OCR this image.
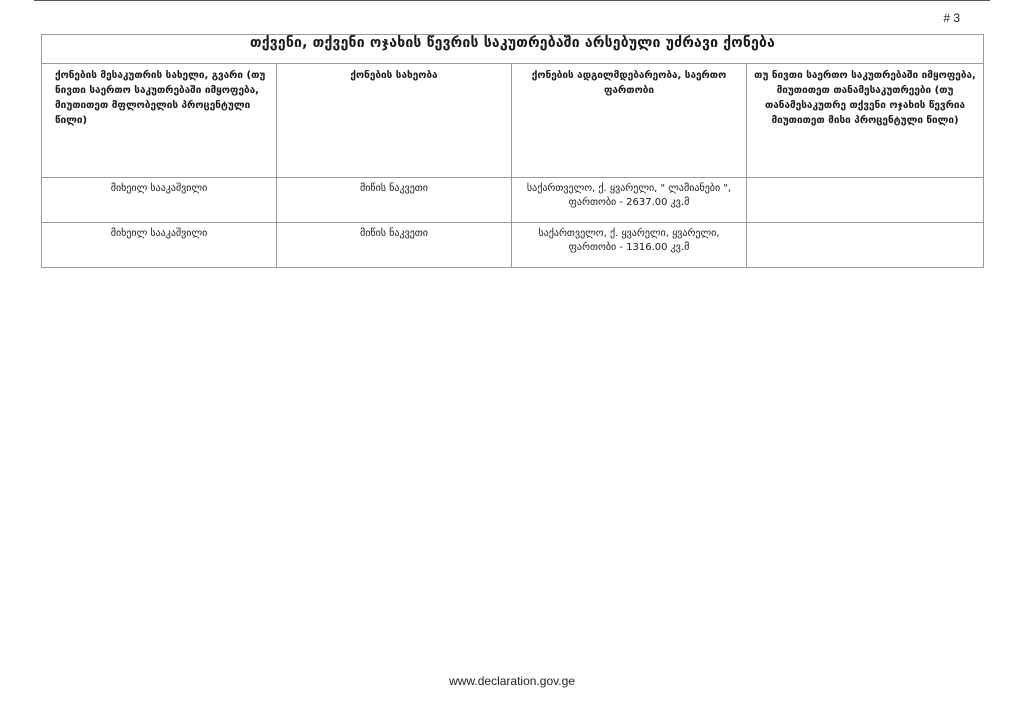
# 3
თქვენი, თქვენი ოჯახის წევრის საკუთრებაში არსებული უძრავი ქონება			
ქონების მესაკუთრის სახელი, გვარი (თუ ნივთი საერთო საკუთრებაში იმყოფება, მიუთითეთ მფლობელის პროცენტული წილი)	ქონების სახეობა	ქონების ადგილმდებარეობა, საერთო ფართობი	თუ ნივთი საერთო საკუთრებაში იმყოფება, მიუთითეთ თანამესაკუთრეები (თუ თანამესაკუთრე თქვენი ოჯახის წევრია მიუთითეთ მისი პროცენტული წილი)
მიხეილ სააკაშვილი	მიწის ნაკვეთი	საქართველო, ქ. ყვარელი, " ლამიანები ", ფართობი - 2637.00 კვ.მ	
მიხეილ სააკაშვილი	მიწის ნაკვეთი	საქართველო, ქ. ყვარელი, ყვარელი, ფართობი - 1316.00 კვ.მ	
www.declaration.gov.ge
